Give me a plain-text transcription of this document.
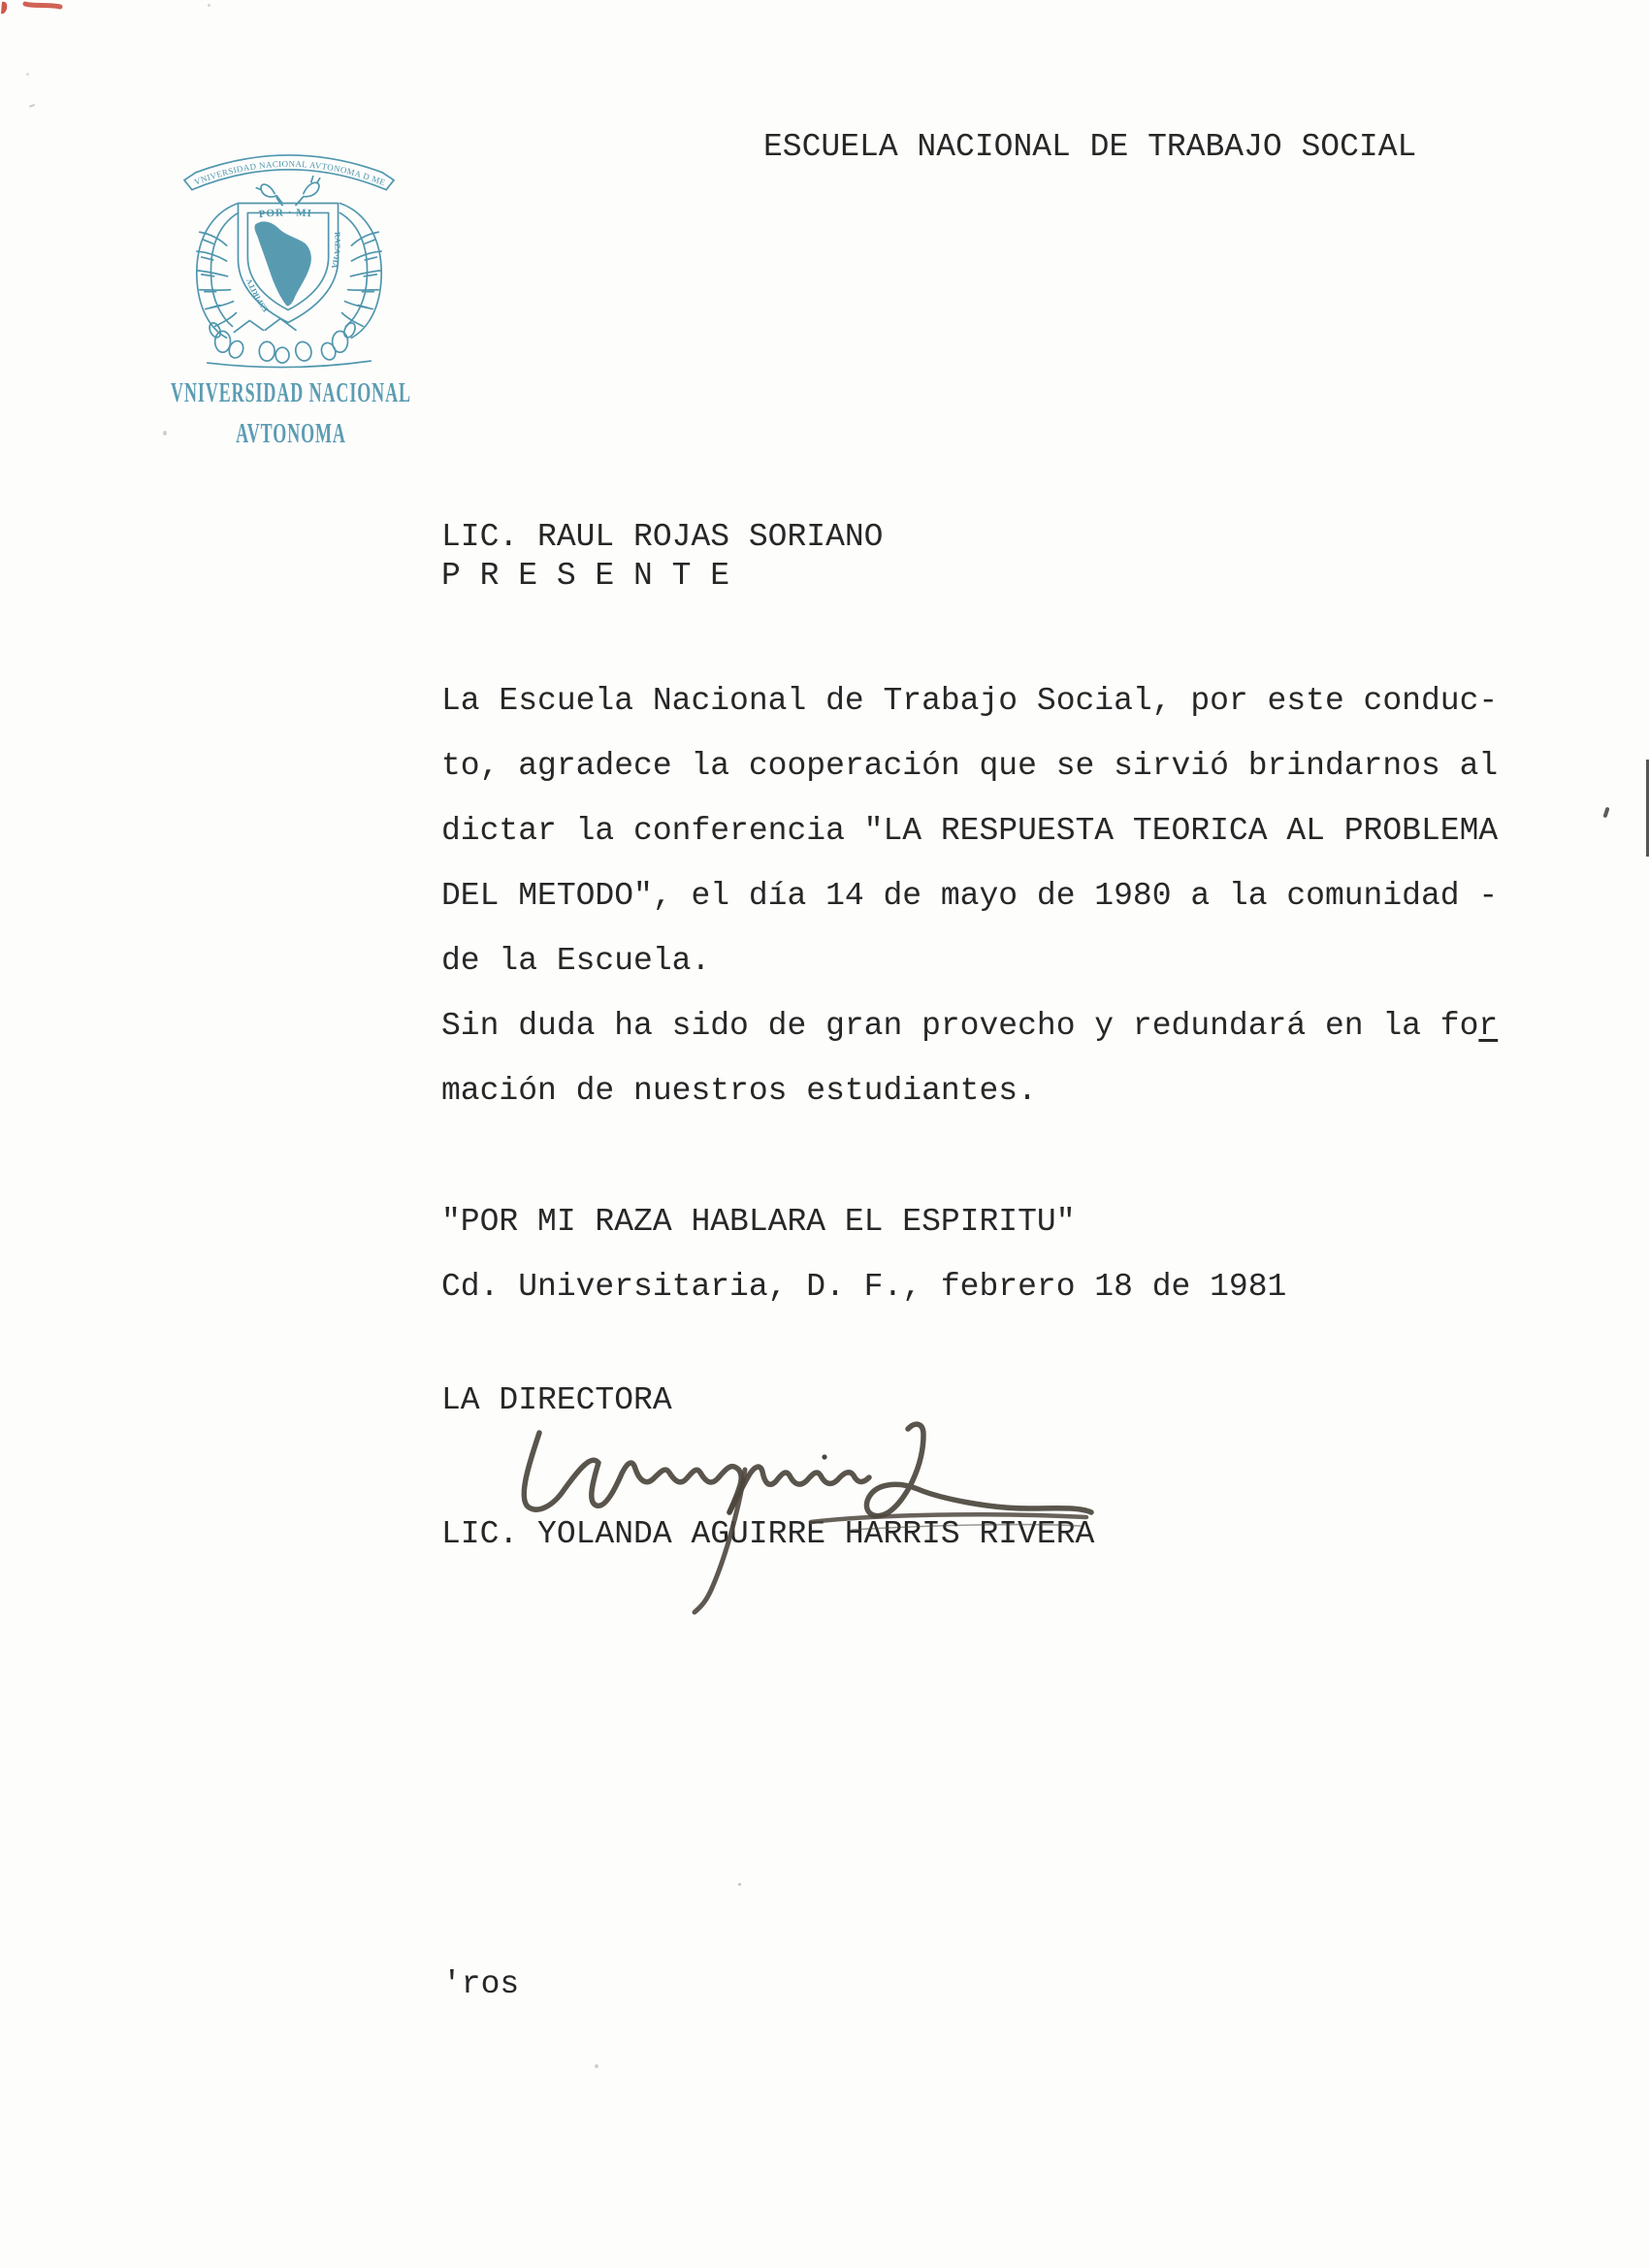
VNIVERSIDAD NACIONAL AVTONOMA D MEXICO
POR · MI
RAZA·HA
ESPIRITV
VNIVERSIDAD NACIONAL
AVTONOMA
ESCUELA NACIONAL DE TRABAJO SOCIAL
LIC. RAUL ROJAS SORIANO
P R E S E N T E
La Escuela Nacional de Trabajo Social, por este conduc-
to, agradece la cooperación que se sirvió brindarnos al
dictar la conferencia "LA RESPUESTA TEORICA AL PROBLEMA
DEL METODO", el día 14 de mayo de 1980 a la comunidad -
de la Escuela.
Sin duda ha sido de gran provecho y redundará en la for
mación de nuestros estudiantes.
"POR MI RAZA HABLARA EL ESPIRITU"
Cd. Universitaria, D. F., febrero 18 de 1981
LA DIRECTORA
LIC. YOLANDA AGUIRRE HARRIS RIVERA
'ros
